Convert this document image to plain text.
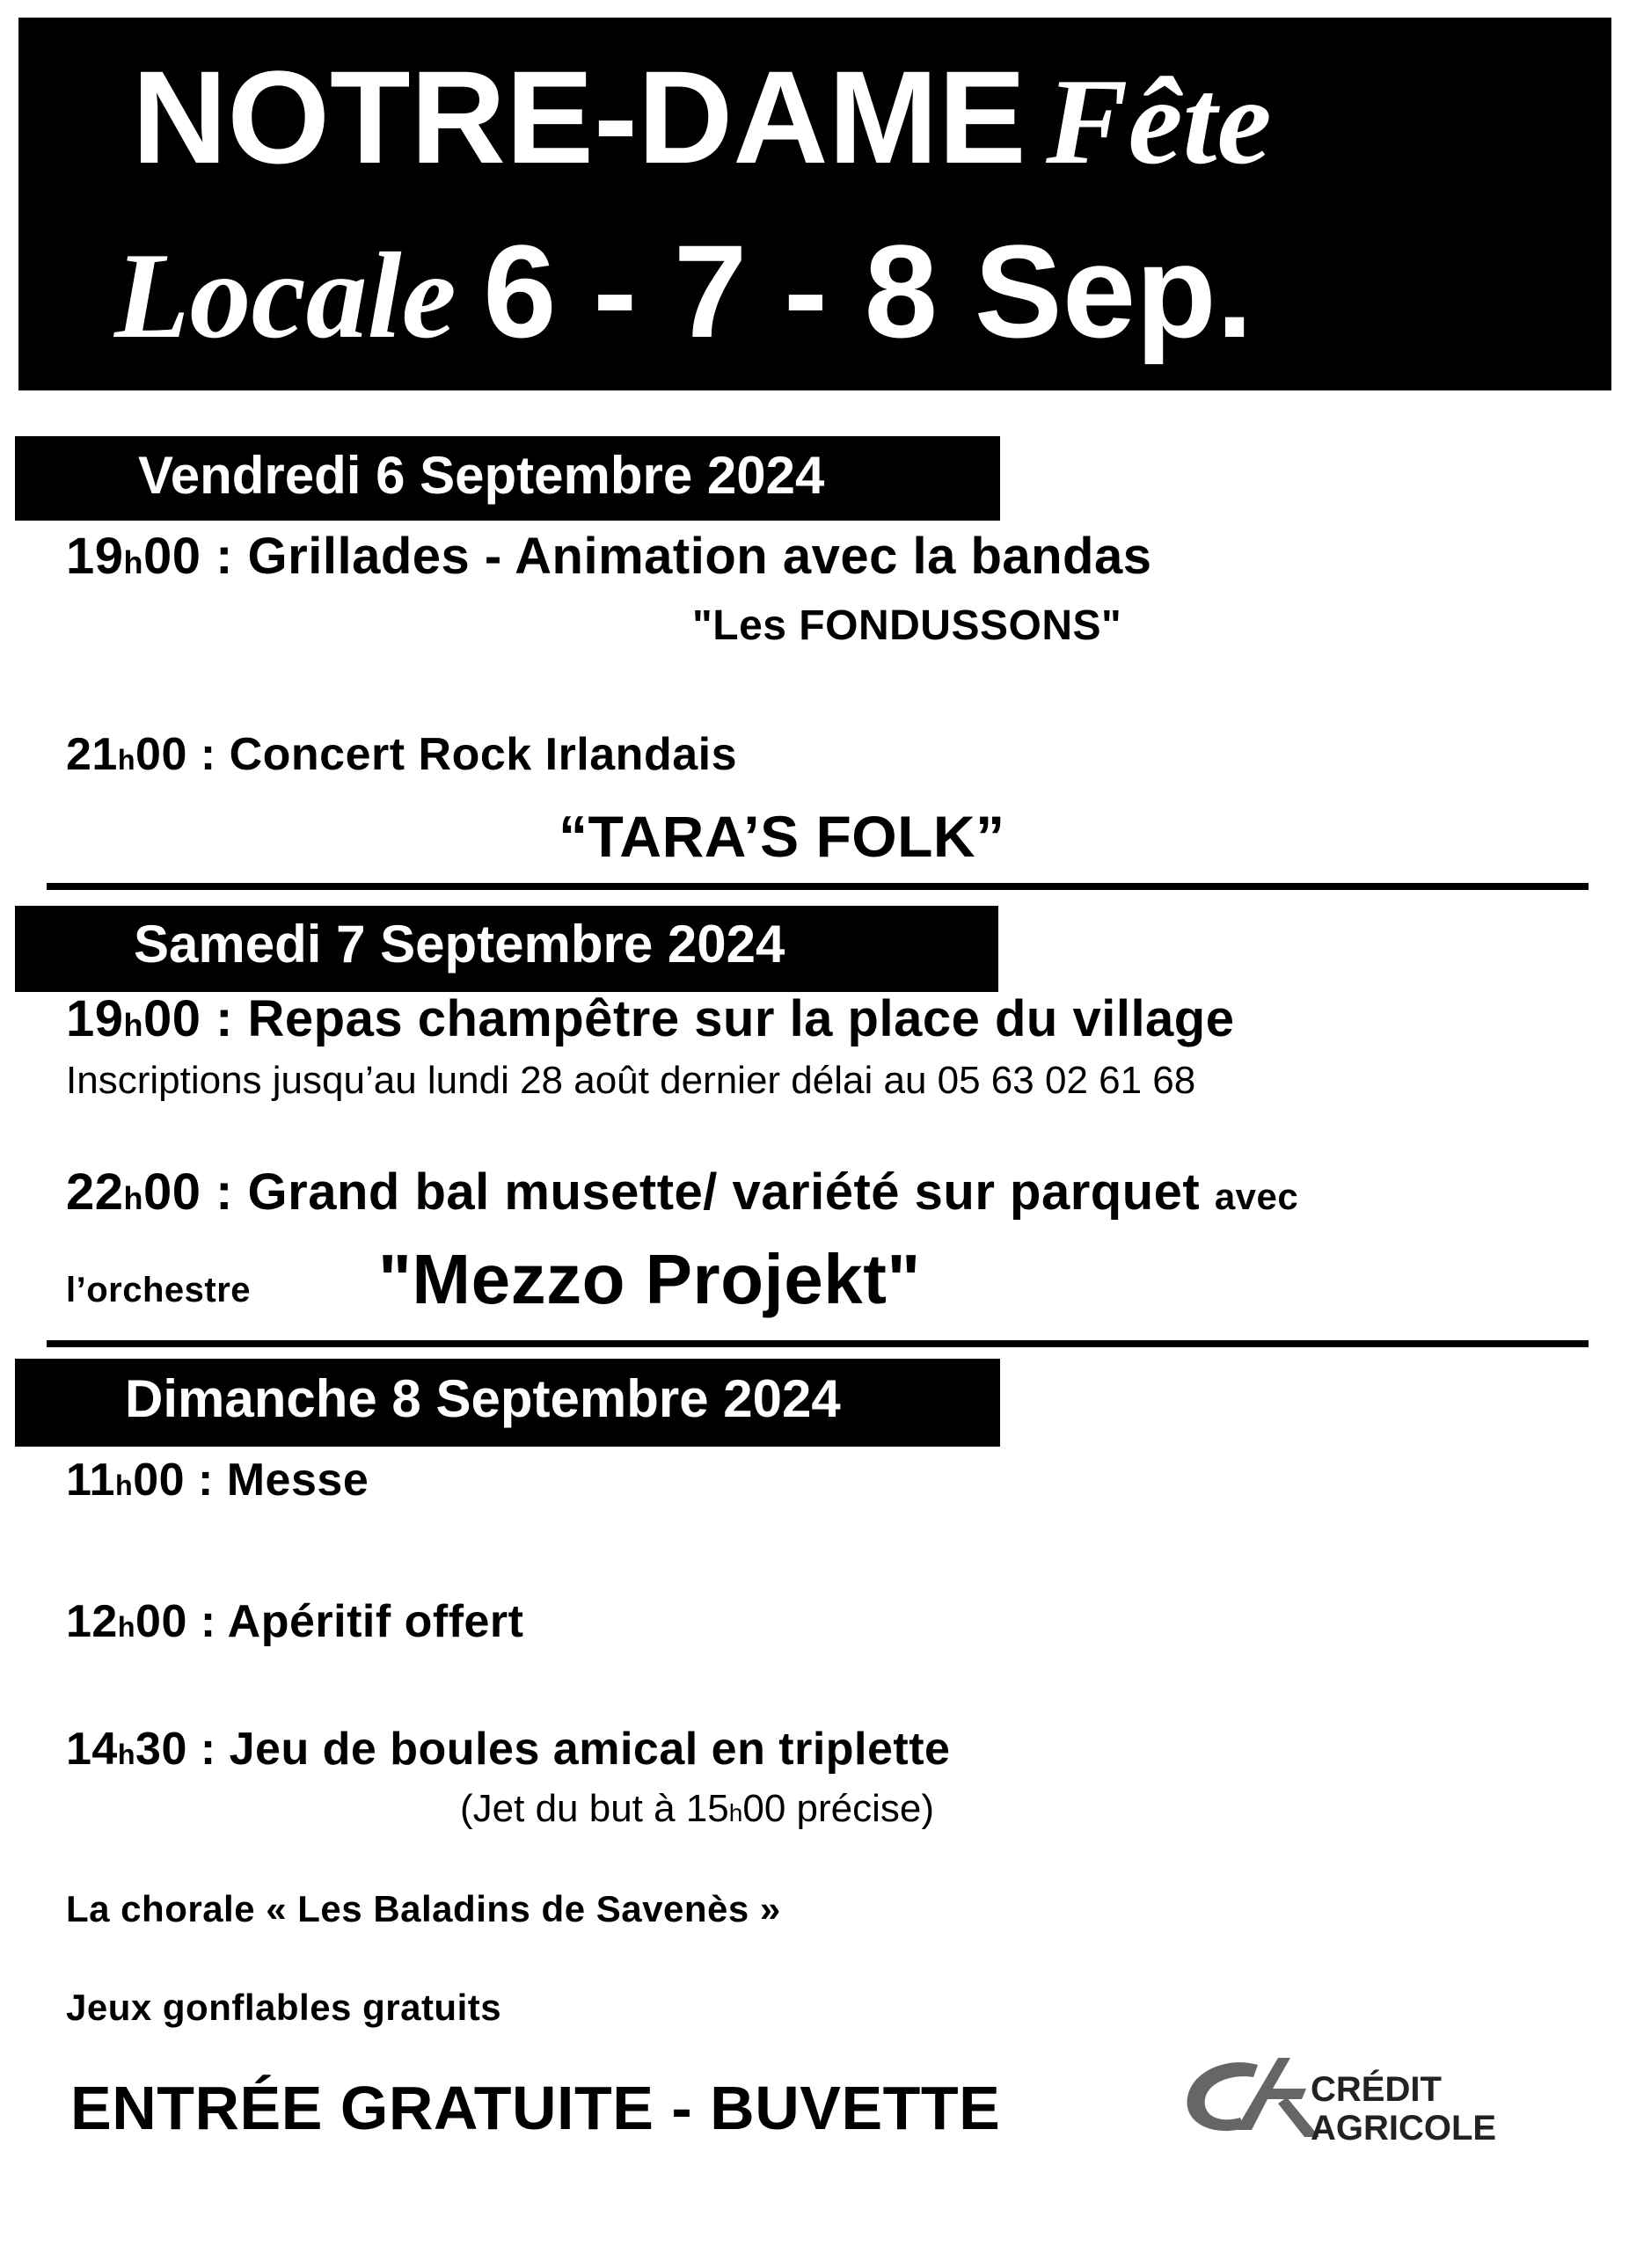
NOTRE-DAME Fête
Locale 6 - 7 - 8 Sep.
Vendredi 6 Septembre 2024
19h00 : Grillades - Animation avec la bandas
"Les FONDUSSONS"
21h00 : Concert Rock Irlandais
“TARA’S FOLK”
Samedi 7 Septembre 2024
19h00 : Repas champêtre sur la place du village
Inscriptions jusqu’au lundi 28 août dernier délai au 05 63 02 61 68
22h00 : Grand bal musette/ variété sur parquet avec
l’orchestre "Mezzo Projekt"
Dimanche 8 Septembre 2024
11h00 : Messe
12h00 : Apéritif offert
14h30 : Jeu de boules amical en triplette
(Jet du but à 15h00 précise)
La chorale « Les Baladins de Savenès »
Jeux gonflables gratuits
ENTRÉE GRATUITE - BUVETTE	CRÉDIT
AGRICOLE
